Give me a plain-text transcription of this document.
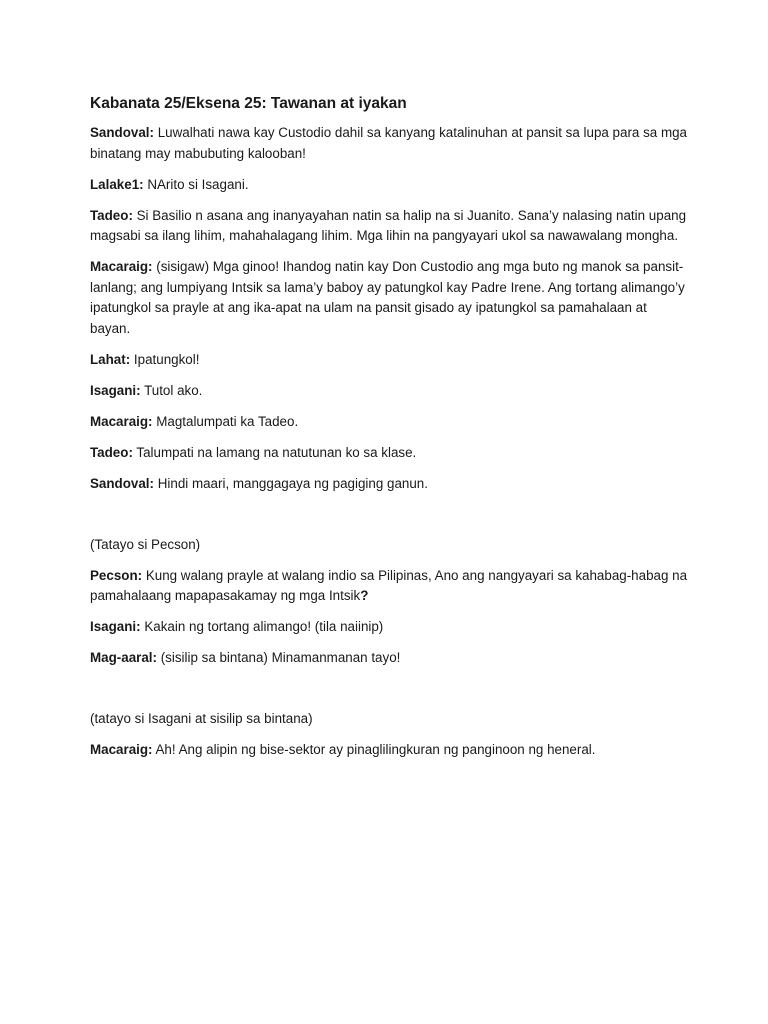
Kabanata 25/Eksena 25: Tawanan at iyakan

Sandoval: Luwalhati nawa kay Custodio dahil sa kanyang katalinuhan at pansit sa lupa para sa mga binatang may mabubuting kalooban!

Lalake1: NArito si Isagani.

Tadeo: Si Basilio n asana ang inanyayahan natin sa halip na si Juanito. Sana’y nalasing natin upang magsabi sa ilang lihim, mahahalagang lihim. Mga lihin na pangyayari ukol sa nawawalang mongha.

Macaraig: (sisigaw) Mga ginoo! Ihandog natin kay Don Custodio ang mga buto ng manok sa pansit-lanlang; ang lumpiyang Intsik sa lama’y baboy ay patungkol kay Padre Irene. Ang tortang alimango’y ipatungkol sa prayle at ang ika-apat na ulam na pansit gisado ay ipatungkol sa pamahalaan at bayan.

Lahat: Ipatungkol!

Isagani: Tutol ako.

Macaraig: Magtalumpati ka Tadeo.

Tadeo: Talumpati na lamang na natutunan ko sa klase.

Sandoval: Hindi maari, manggagaya ng pagiging ganun.

(Tatayo si Pecson)

Pecson: Kung walang prayle at walang indio sa Pilipinas, Ano ang nangyayari sa kahabag-habag na pamahalaang mapapasakamay ng mga Intsik?

Isagani: Kakain ng tortang alimango! (tila naiinip)

Mag-aaral: (sisilip sa bintana) Minamanmanan tayo!

(tatayo si Isagani at sisilip sa bintana)

Macaraig: Ah! Ang alipin ng bise-sektor ay pinaglilingkuran ng panginoon ng heneral.
